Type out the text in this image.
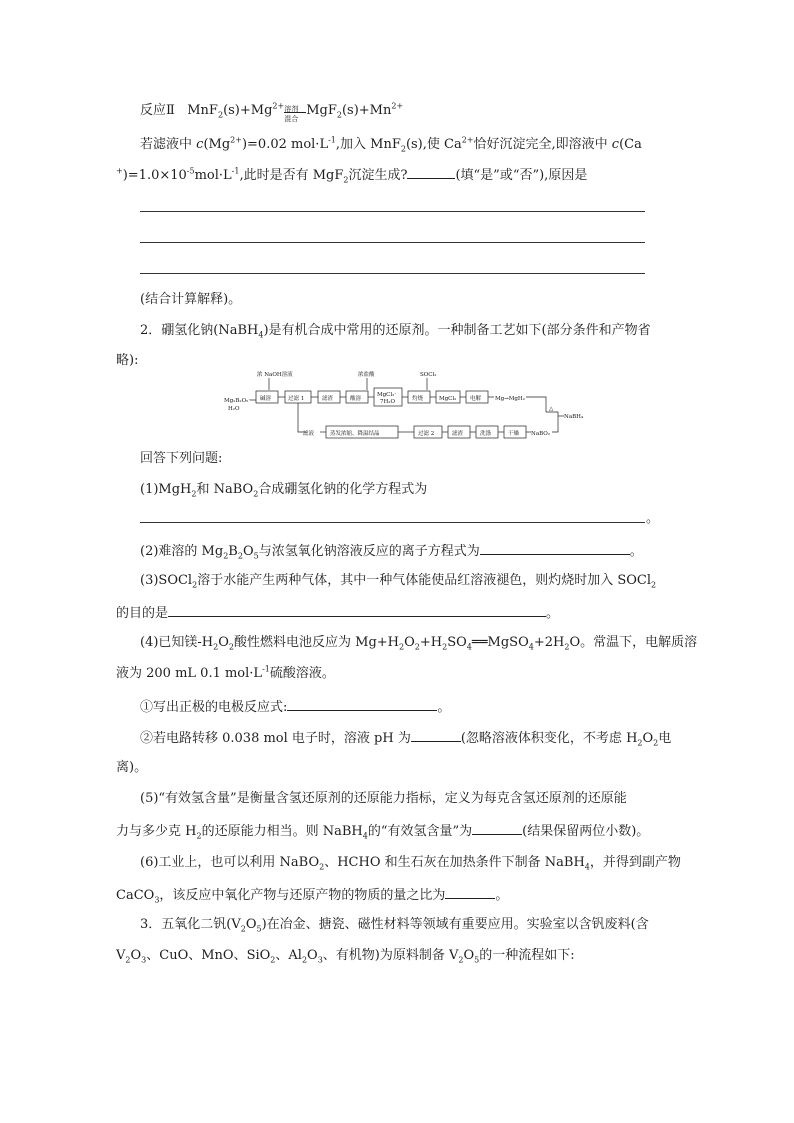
反应Ⅱ $MnF_2(s)+Mg^{2+}$ 溶剂
混合
$MgF_2(s)+Mn^{2+}$
若滤液中 $c(Mg^{2+})=0.02$ $mol\cdot L^{-1}$,加入 MnF$_2$(s),使 $Ca^{2+}$恰好沉淀完全,即溶液中 c(Ca
$^+)=1.0\times 10^{-5}mol\cdot L^{-1}$,此时是否有 MgF$_2$沉淀生成?	(填“是”或“否”),原因是
(结合计算解释)。
2．硼氢化钠(NaBH$_4$)是有机合成中常用的还原剂。一种制备工艺如下(部分条件和产物省
略):
Mg₂B₂O₅·
H₂O
浓 NaOH溶液	浓盐酸	SOCl₂
碱溶	过滤 1	滤渣	酸溶
MgCl₂·
7H₂O	灼烧	MgCl₂ 电解	Mg→MgH₂
滤液	蒸发浓缩、降温结晶	过滤 2	滤渣	洗涤	干燥 NaBO₂
△
NaBH₄
回答下列问题:
(1)MgH$_2$和 NaBO$_2$合成硼氢化钠的化学方程式为
。
(2)难溶的 $Mg_2B_2O_5$与浓氢氧化钠溶液反应的离子方程式为	。
(3)SOCl$_2$溶于水能产生两种气体，其中一种气体能使品红溶液褪色，则灼烧时加入 SOCl$_2$
的目的是	。
(4)已知镁$-H_2O_2$酸性燃料电池反应为 $Mg+H_2O_2+H_2SO_4══MgSO_4+2H_2O$。常温下，电解质溶
液为 200 mL 0.1 $mol\cdot L^{-1}$硫酸溶液。
①写出正极的电极反应式:	。
②若电路转移 0.038 mol 电子时，溶液 pH 为	(忽略溶液体积变化，不考虑 $H_2O_2$电
离)。
(5)“有效氢含量”是衡量含氢还原剂的还原能力指标，定义为每克含氢还原剂的还原能
力与多少克 $H_2$的还原能力相当。则 NaBH$_4$的“有效氢含量”为	(结果保留两位小数)。
(6)工业上，也可以利用 NaBO$_2$、HCHO 和生石灰在加热条件下制备 NaBH$_4$，并得到副产物
CaCO$_3$，该反应中氧化产物与还原产物的物质的量之比为	。
3．五氧化二钒$(V_2O_5)$在冶金、搪瓷、磁性材料等领域有重要应用。实验室以含钒废料(含
$V_2O_3$、CuO、MnO、SiO$_2$、$Al_2O_3$、有机物)为原料制备 $V_2O_5$的一种流程如下:
